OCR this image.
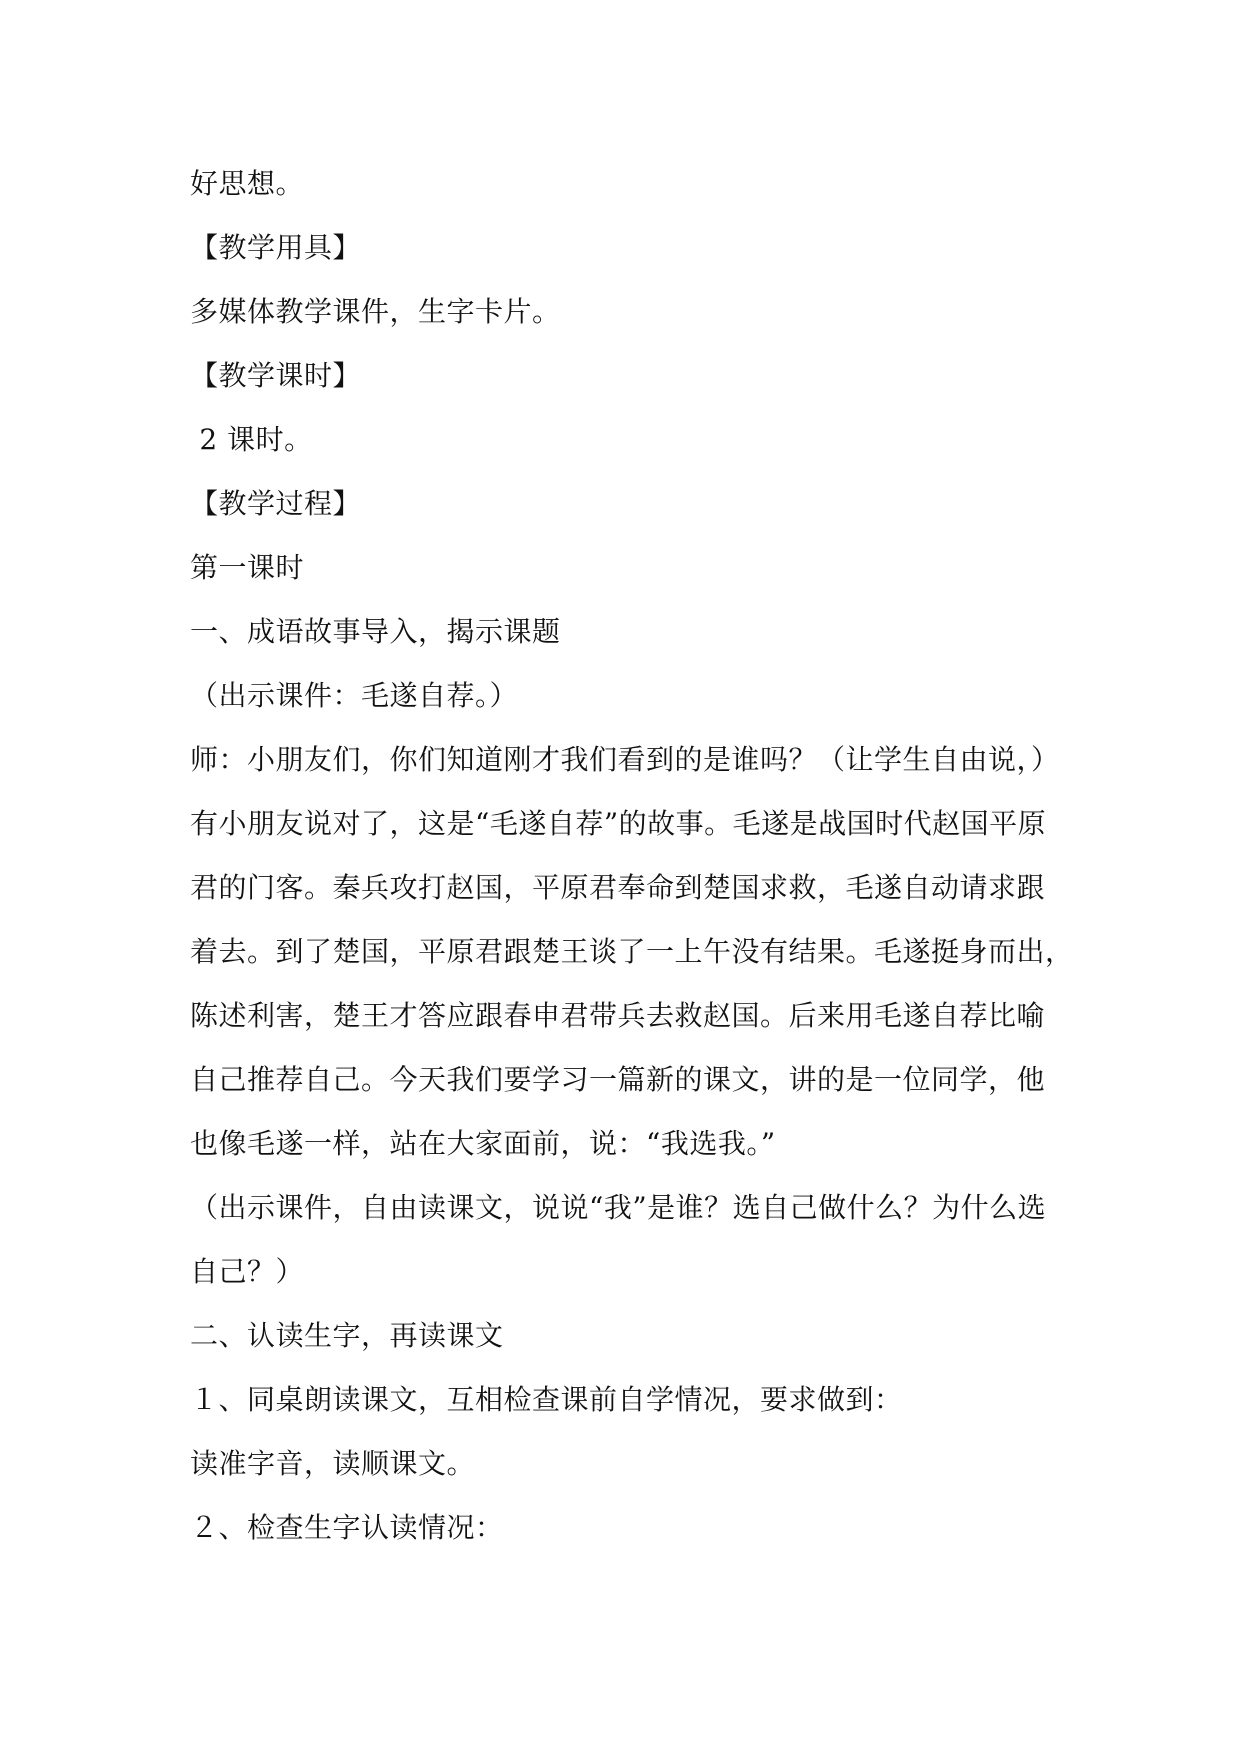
好思想。
【教学用具】
多媒体教学课件，生字卡片。
【教学课时】
2 课时。
【教学过程】
第一课时
一、成语故事导入，揭示课题
（出示课件：毛遂自荐。）
师：小朋友们，你们知道刚才我们看到的是谁吗？（让学生自由说，）
有小朋友说对了，这是“毛遂自荐”的故事。毛遂是战国时代赵国平原
君的门客。秦兵攻打赵国，平原君奉命到楚国求救，毛遂自动请求跟
着去。到了楚国，平原君跟楚王谈了一上午没有结果。毛遂挺身而出，
陈述利害，楚王才答应跟春申君带兵去救赵国。后来用毛遂自荐比喻
自己推荐自己。今天我们要学习一篇新的课文，讲的是一位同学，他
也像毛遂一样，站在大家面前，说：“我选我。”
（出示课件，自由读课文，说说“我”是谁？选自己做什么？为什么选
自己？）
二、认读生字，再读课文
１、同桌朗读课文，互相检查课前自学情况，要求做到：
读准字音，读顺课文。
２、检查生字认读情况：
